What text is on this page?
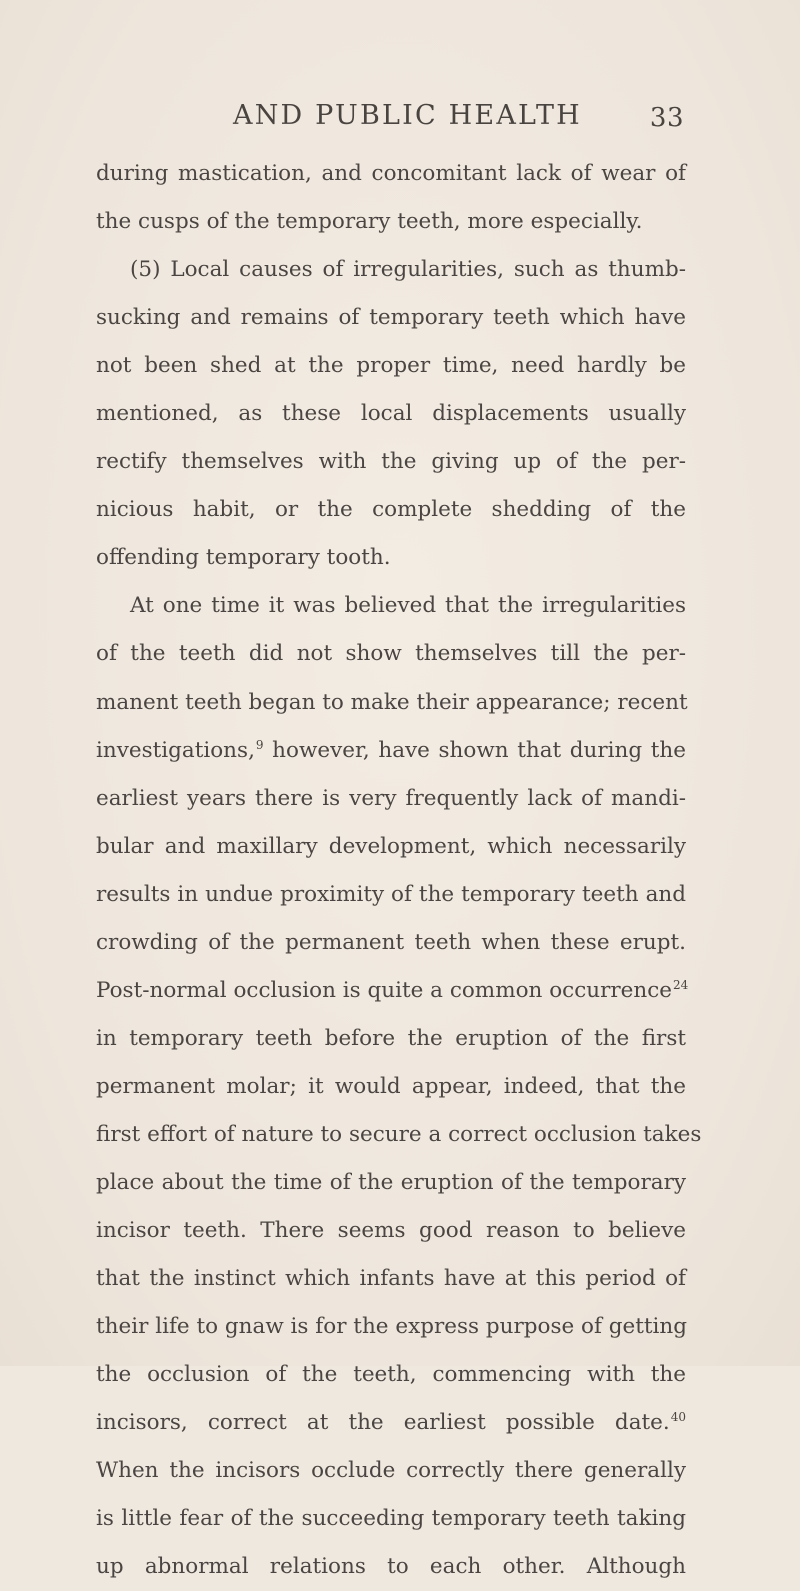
AND PUBLIC HEALTH	33
during mastication, and concomitant lack of wear of
the cusps of the temporary teeth, more especially.
(5) Local causes of irregularities, such as thumb-
sucking and remains of temporary teeth which have
not been shed at the proper time, need hardly be
mentioned, as these local displacements usually
rectify themselves with the giving up of the per-
nicious habit, or the complete shedding of the
offending temporary tooth.
At one time it was believed that the irregularities
of the teeth did not show themselves till the per-
manent teeth began to make their appearance; recent
investigations,$^9$ however, have shown that during the
earliest years there is very frequently lack of mandi-
bular and maxillary development, which necessarily
results in undue proximity of the temporary teeth and
crowding of the permanent teeth when these erupt.
Post-normal occlusion is quite a common occurrence$^{24}$
in temporary teeth before the eruption of the first
permanent molar; it would appear, indeed, that the
first effort of nature to secure a correct occlusion takes
place about the time of the eruption of the temporary
incisor teeth. There seems good reason to believe
that the instinct which infants have at this period of
their life to gnaw is for the express purpose of getting
the occlusion of the teeth, commencing with the
incisors, correct at the earliest possible date.$^{40}$
When the incisors occlude correctly there generally
is little fear of the succeeding temporary teeth taking
up abnormal relations to each other. Although
